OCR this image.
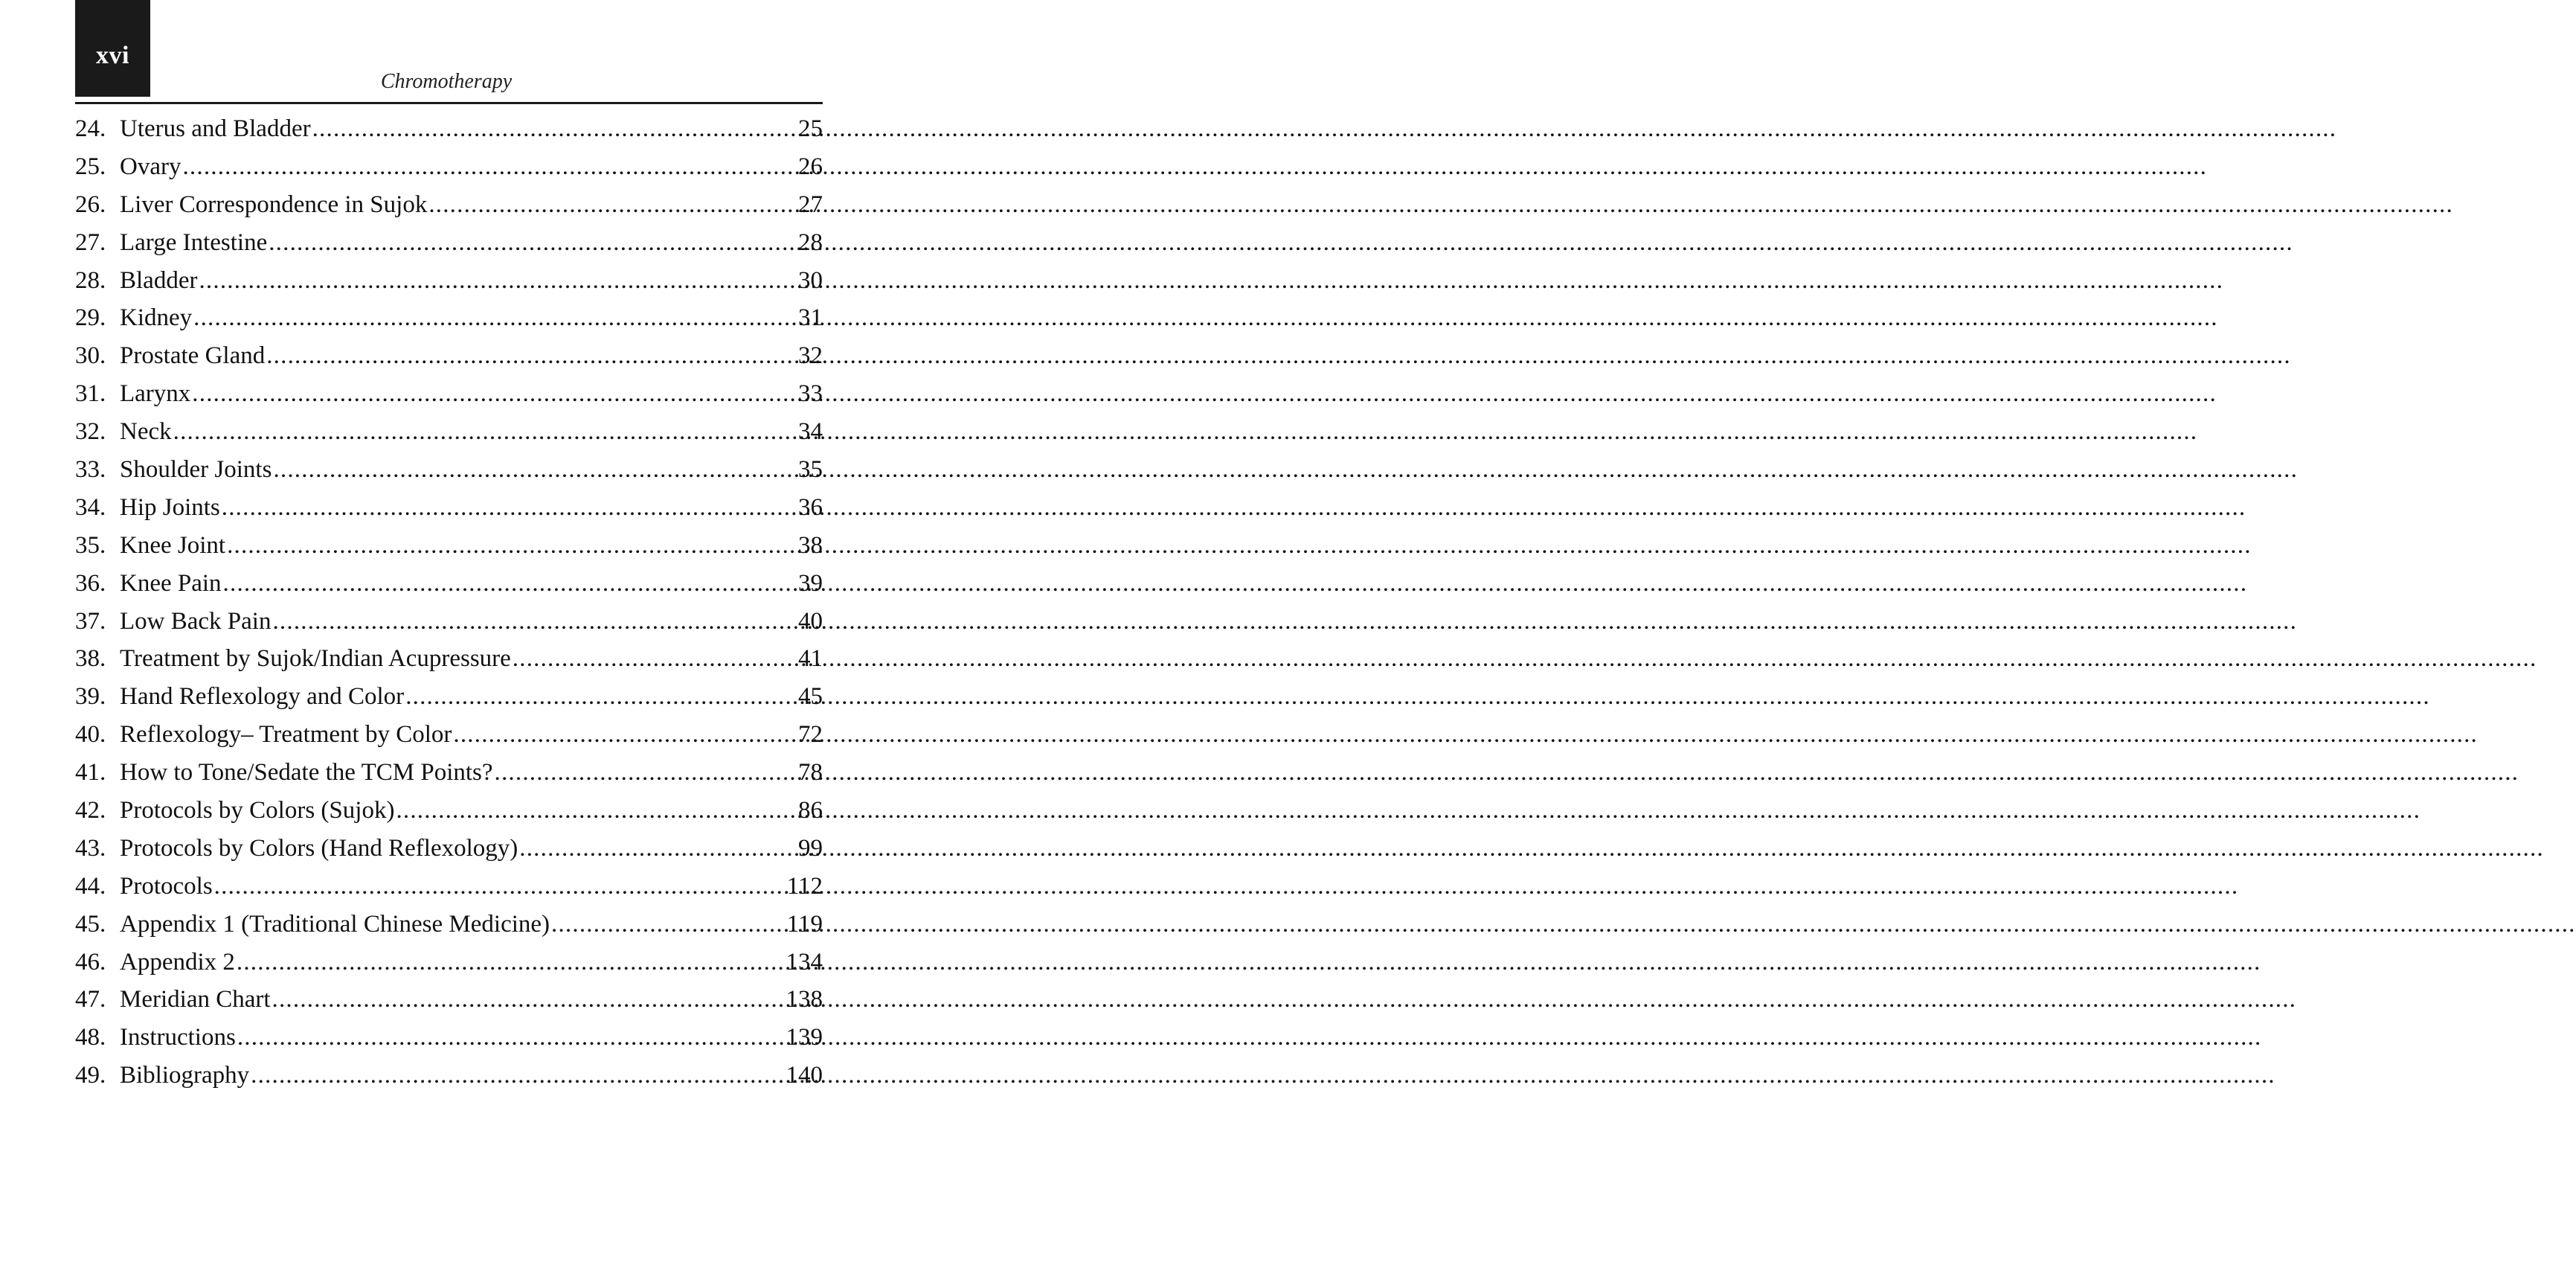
xvi
Chromotherapy
24. Uterus and Bladder .....	25
25. Ovary .....	26
26. Liver Correspondence in Sujok .....	27
27. Large Intestine .....	28
28. Bladder .....	30
29. Kidney .....	31
30. Prostate Gland .....	32
31. Larynx .....	33
32. Neck .....	34
33. Shoulder Joints .....	35
34. Hip Joints .....	36
35. Knee Joint .....	38
36. Knee Pain .....	39
37. Low Back Pain .....	40
38. Treatment by Sujok/Indian Acupressure .....	41
39. Hand Reflexology and Color .....	45
40. Reflexology– Treatment by Color .....	72
41. How to Tone/Sedate the TCM Points? .....	78
42. Protocols by Colors (Sujok) .....	86
43. Protocols by Colors (Hand Reflexology) .....	99
44. Protocols .....	112
45. Appendix 1 (Traditional Chinese Medicine) .....	119
46. Appendix 2 .....	134
47. Meridian Chart .....	138
48. Instructions .....	139
49. Bibliography .....	140
